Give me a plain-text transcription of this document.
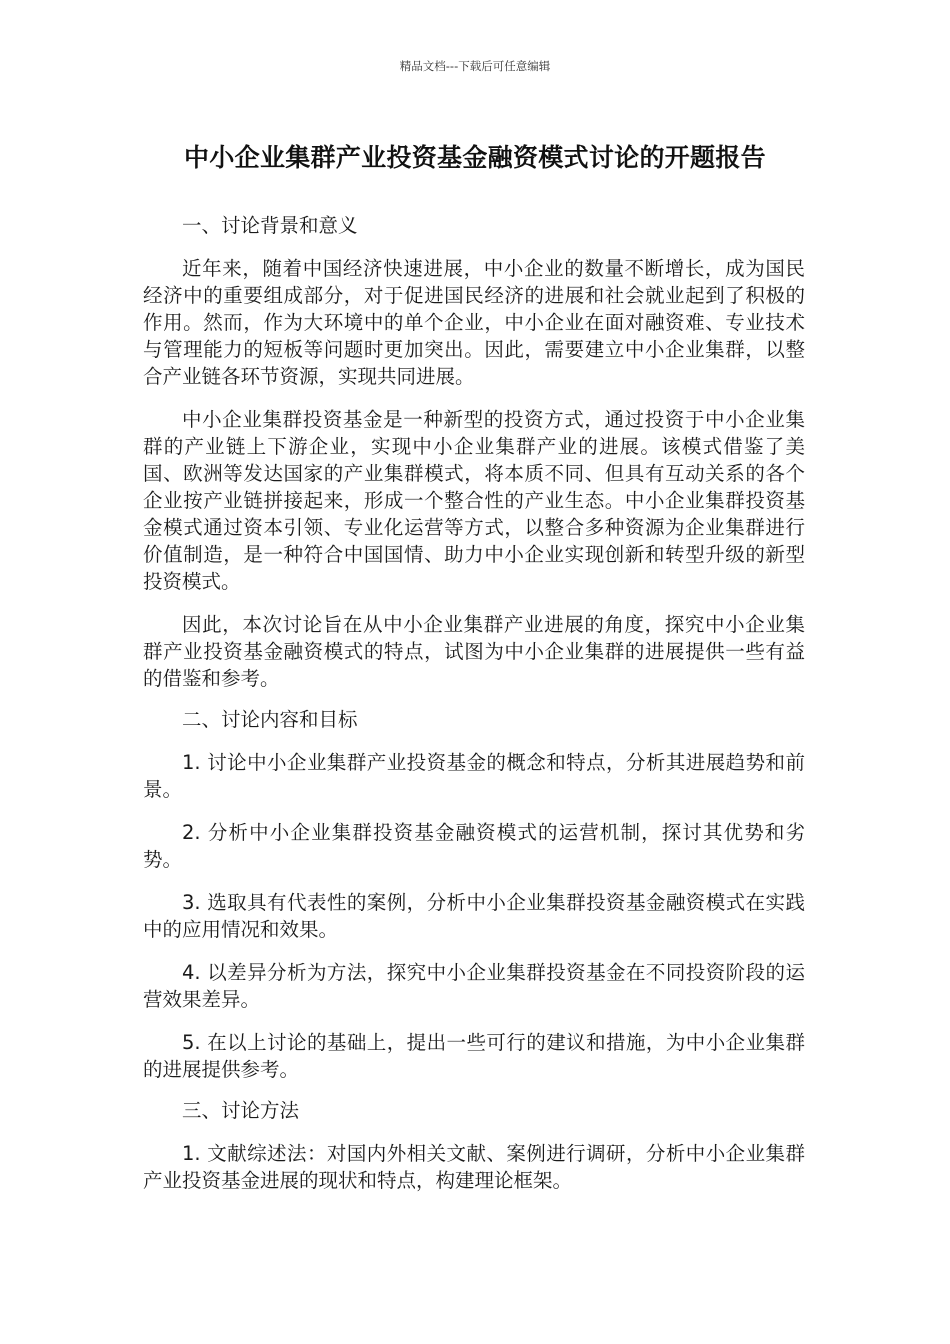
精品文档---下载后可任意编辑
中小企业集群产业投资基金融资模式讨论的开题报告

一、讨论背景和意义

近年来，随着中国经济快速进展，中小企业的数量不断增长，成为国民经济中的重要组成部分，对于促进国民经济的进展和社会就业起到了积极的作用。然而，作为大环境中的单个企业，中小企业在面对融资难、专业技术与管理能力的短板等问题时更加突出。因此，需要建立中小企业集群，以整合产业链各环节资源，实现共同进展。

中小企业集群投资基金是一种新型的投资方式，通过投资于中小企业集群的产业链上下游企业，实现中小企业集群产业的进展。该模式借鉴了美国、欧洲等发达国家的产业集群模式，将本质不同、但具有互动关系的各个企业按产业链拼接起来，形成一个整合性的产业生态。中小企业集群投资基金模式通过资本引领、专业化运营等方式，以整合多种资源为企业集群进行价值制造，是一种符合中国国情、助力中小企业实现创新和转型升级的新型投资模式。

因此，本次讨论旨在从中小企业集群产业进展的角度，探究中小企业集群产业投资基金融资模式的特点，试图为中小企业集群的进展提供一些有益的借鉴和参考。

二、讨论内容和目标

1. 讨论中小企业集群产业投资基金的概念和特点，分析其进展趋势和前景。

2. 分析中小企业集群投资基金融资模式的运营机制，探讨其优势和劣势。

3. 选取具有代表性的案例，分析中小企业集群投资基金融资模式在实践中的应用情况和效果。

4. 以差异分析为方法，探究中小企业集群投资基金在不同投资阶段的运营效果差异。

5. 在以上讨论的基础上，提出一些可行的建议和措施，为中小企业集群的进展提供参考。

三、讨论方法

1. 文献综述法：对国内外相关文献、案例进行调研，分析中小企业集群产业投资基金进展的现状和特点，构建理论框架。
